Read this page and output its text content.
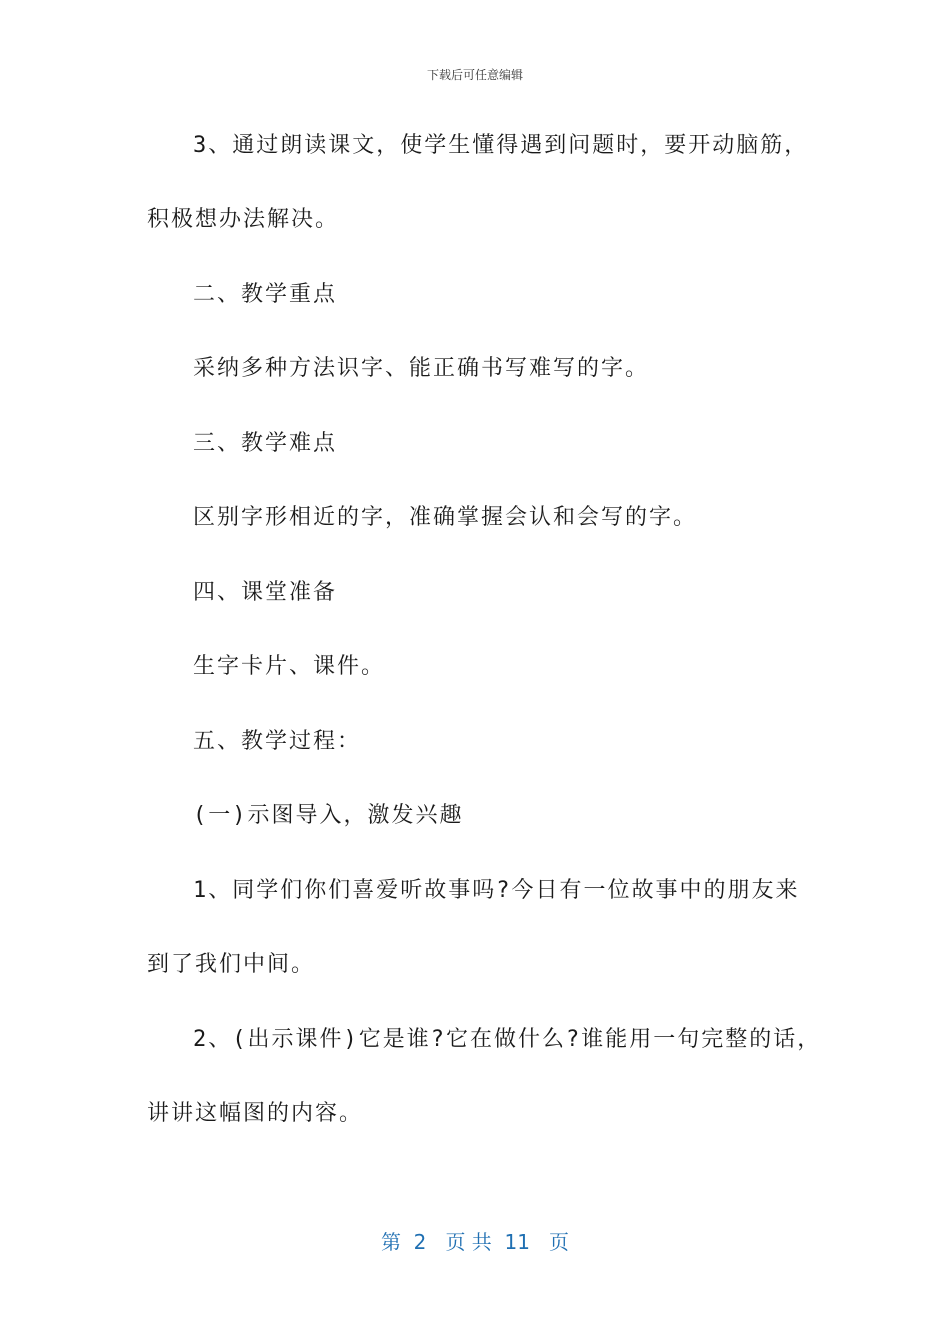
下载后可任意编辑
3、通过朗读课文，使学生懂得遇到问题时，要开动脑筋，
积极想办法解决。
二、教学重点
采纳多种方法识字、能正确书写难写的字。
三、教学难点
区别字形相近的字，准确掌握会认和会写的字。
四、课堂准备
生字卡片、课件。
五、教学过程：
(一)示图导入，激发兴趣
1、同学们你们喜爱听故事吗?今日有一位故事中的朋友来
到了我们中间。
2、(出示课件)它是谁?它在做什么?谁能用一句完整的话，
讲讲这幅图的内容。
第  2   页 共  11   页
